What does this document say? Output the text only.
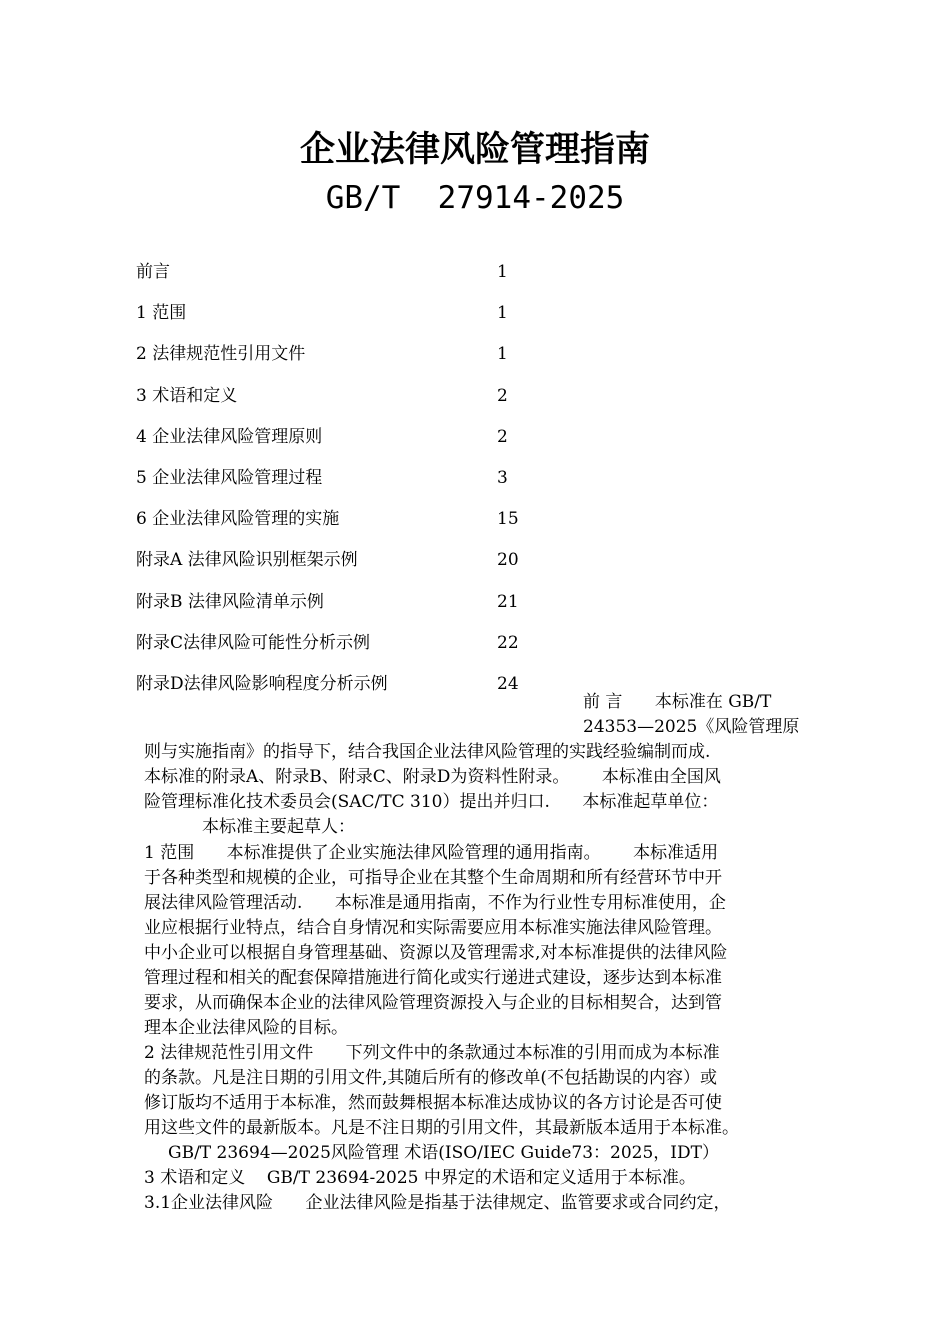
企业法律风险管理指南
GB/T  27914-2025
前言	1
1 范围	1
2 法律规范性引用文件	1
3 术语和定义	2
4 企业法律风险管理原则	2
5 企业法律风险管理过程	3
6 企业法律风险管理的实施	15
附录A 法律风险识别框架示例	20
附录B 法律风险清单示例	21
附录C法律风险可能性分析示例	22
附录D法律风险影响程度分析示例	24
前 言      本标准在 GB/T
24353—2025《风险管理原
则与实施指南》的指导下，结合我国企业法律风险管理的实践经验编制而成.
本标准的附录A、附录B、附录C、附录D为资料性附录。      本标准由全国风
险管理标准化技术委员会(SAC/TC 310）提出并归口.      本标准起草单位：
本标准主要起草人：
1 范围      本标准提供了企业实施法律风险管理的通用指南。      本标准适用
于各种类型和规模的企业，可指导企业在其整个生命周期和所有经营环节中开
展法律风险管理活动.      本标准是通用指南，不作为行业性专用标准使用，企
业应根据行业特点，结合自身情况和实际需要应用本标准实施法律风险管理。
中小企业可以根据自身管理基础、资源以及管理需求,对本标准提供的法律风险
管理过程和相关的配套保障措施进行简化或实行递进式建设，逐步达到本标准
要求，从而确保本企业的法律风险管理资源投入与企业的目标相契合，达到管
理本企业法律风险的目标。
2 法律规范性引用文件      下列文件中的条款通过本标准的引用而成为本标准
的条款。凡是注日期的引用文件,其随后所有的修改单(不包括勘误的内容）或
修订版均不适用于本标准，然而鼓舞根据本标准达成协议的各方讨论是否可使
用这些文件的最新版本。凡是不注日期的引用文件，其最新版本适用于本标准。
GB/T 23694—2025风险管理 术语(ISO/IEC Guide73：2025，IDT）
3 术语和定义    GB/T 23694-2025 中界定的术语和定义适用于本标准。
3.1企业法律风险      企业法律风险是指基于法律规定、监管要求或合同约定，
